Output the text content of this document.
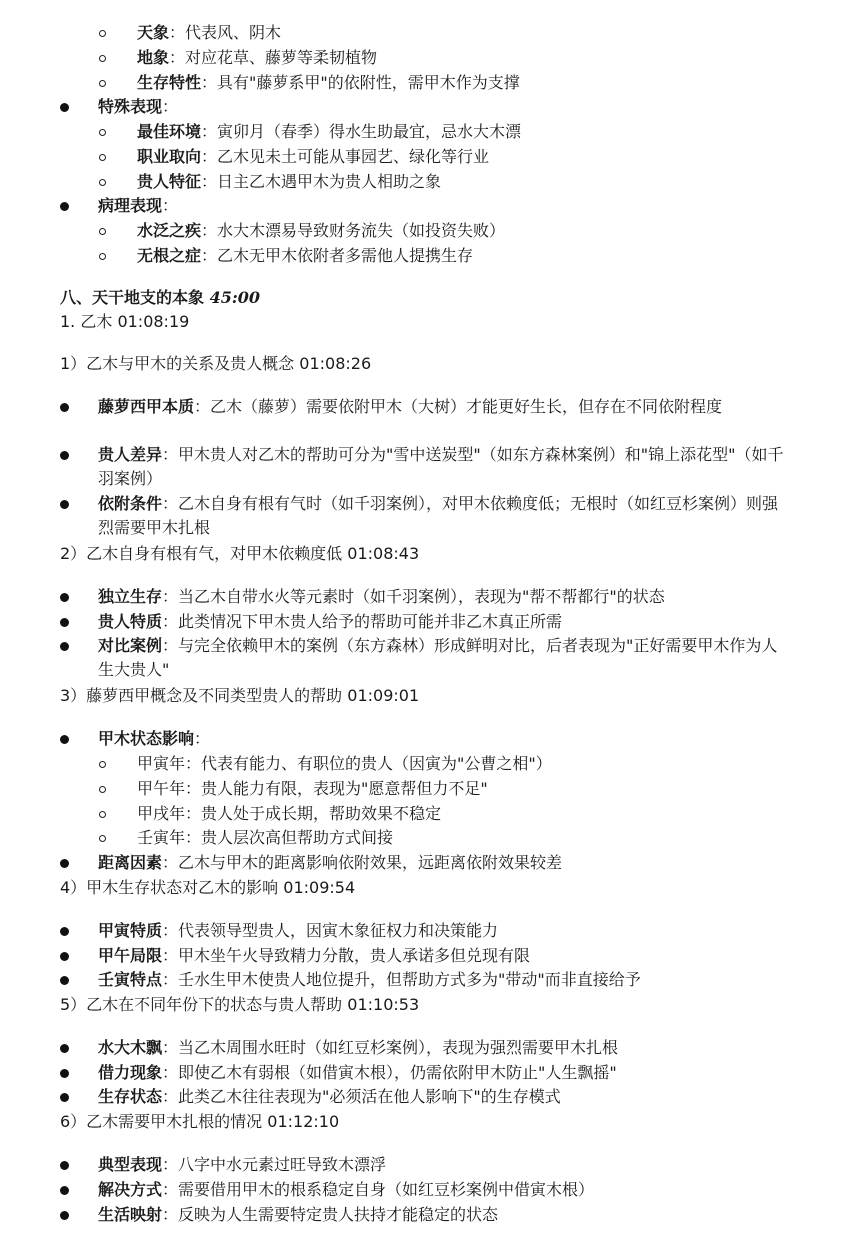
天象：代表风、阴木
地象：对应花草、藤萝等柔韧植物
生存特性：具有"藤萝系甲"的依附性，需甲木作为支撑
特殊表现：
最佳环境：寅卯月（春季）得水生助最宜，忌水大木漂
职业取向：乙木见未土可能从事园艺、绿化等行业
贵人特征：日主乙木遇甲木为贵人相助之象
病理表现：
水泛之疾：水大木漂易导致财务流失（如投资失败）
无根之症：乙木无甲木依附者多需他人提携生存
八、天干地支的本象 45:00
1. 乙木 01:08:19
1）乙木与甲木的关系及贵人概念 01:08:26
藤萝西甲本质：乙木（藤萝）需要依附甲木（大树）才能更好生长，但存在不同依附程度
贵人差异：甲木贵人对乙木的帮助可分为"雪中送炭型"（如东方森林案例）和"锦上添花型"（如千羽案例）
依附条件：乙木自身有根有气时（如千羽案例），对甲木依赖度低；无根时（如红豆杉案例）则强烈需要甲木扎根
2）乙木自身有根有气，对甲木依赖度低 01:08:43
独立生存：当乙木自带水火等元素时（如千羽案例），表现为"帮不帮都行"的状态
贵人特质：此类情况下甲木贵人给予的帮助可能并非乙木真正所需
对比案例：与完全依赖甲木的案例（东方森林）形成鲜明对比，后者表现为"正好需要甲木作为人生大贵人"
3）藤萝西甲概念及不同类型贵人的帮助 01:09:01
甲木状态影响：
甲寅年：代表有能力、有职位的贵人（因寅为"公曹之相"）
甲午年：贵人能力有限，表现为"愿意帮但力不足"
甲戌年：贵人处于成长期，帮助效果不稳定
壬寅年：贵人层次高但帮助方式间接
距离因素：乙木与甲木的距离影响依附效果，远距离依附效果较差
4）甲木生存状态对乙木的影响 01:09:54
甲寅特质：代表领导型贵人，因寅木象征权力和决策能力
甲午局限：甲木坐午火导致精力分散，贵人承诺多但兑现有限
壬寅特点：壬水生甲木使贵人地位提升，但帮助方式多为"带动"而非直接给予
5）乙木在不同年份下的状态与贵人帮助 01:10:53
水大木飘：当乙木周围水旺时（如红豆杉案例），表现为强烈需要甲木扎根
借力现象：即使乙木有弱根（如借寅木根），仍需依附甲木防止"人生飘摇"
生存状态：此类乙木往往表现为"必须活在他人影响下"的生存模式
6）乙木需要甲木扎根的情况 01:12:10
典型表现：八字中水元素过旺导致木漂浮
解决方式：需要借用甲木的根系稳定自身（如红豆杉案例中借寅木根）
生活映射：反映为人生需要特定贵人扶持才能稳定的状态
